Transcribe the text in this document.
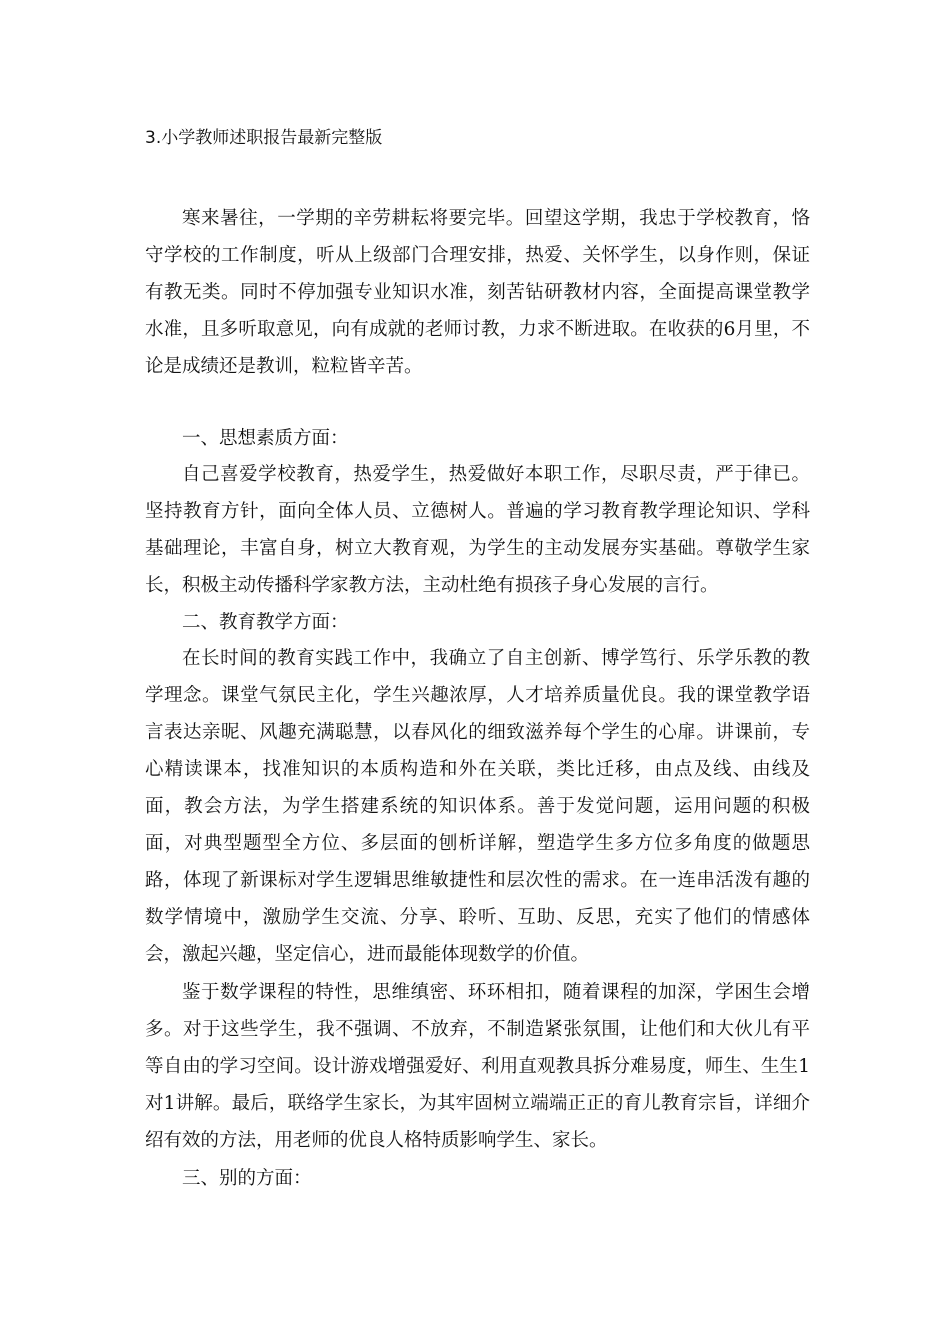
3.小学教师述职报告最新完整版

寒来暑往，一学期的辛劳耕耘将要完毕。回望这学期，我忠于学校教育，恪守学校的工作制度，听从上级部门合理安排，热爱、关怀学生，以身作则，保证有教无类。同时不停加强专业知识水准，刻苦钻研教材内容，全面提高课堂教学水准，且多听取意见，向有成就的老师讨教，力求不断进取。在收获的6月里，不论是成绩还是教训，粒粒皆辛苦。

一、思想素质方面：

自己喜爱学校教育，热爱学生，热爱做好本职工作，尽职尽责，严于律已。坚持教育方针，面向全体人员、立德树人。普遍的学习教育教学理论知识、学科基础理论，丰富自身，树立大教育观，为学生的主动发展夯实基础。尊敬学生家长，积极主动传播科学家教方法，主动杜绝有损孩子身心发展的言行。

二、教育教学方面：

在长时间的教育实践工作中，我确立了自主创新、博学笃行、乐学乐教的教学理念。课堂气氛民主化，学生兴趣浓厚，人才培养质量优良。我的课堂教学语言表达亲昵、风趣充满聪慧，以春风化的细致滋养每个学生的心扉。讲课前，专心精读课本，找准知识的本质构造和外在关联，类比迁移，由点及线、由线及面，教会方法，为学生搭建系统的知识体系。善于发觉问题，运用问题的积极面，对典型题型全方位、多层面的刨析详解，塑造学生多方位多角度的做题思路，体现了新课标对学生逻辑思维敏捷性和层次性的需求。在一连串活泼有趣的数学情境中，激励学生交流、分享、聆听、互助、反思，充实了他们的情感体会，激起兴趣，坚定信心，进而最能体现数学的价值。

鉴于数学课程的特性，思维缜密、环环相扣，随着课程的加深，学困生会增多。对于这些学生，我不强调、不放弃，不制造紧张氛围，让他们和大伙儿有平等自由的学习空间。设计游戏增强爱好、利用直观教具拆分难易度，师生、生生1对1讲解。最后，联络学生家长，为其牢固树立端端正正的育儿教育宗旨，详细介绍有效的方法，用老师的优良人格特质影响学生、家长。

三、别的方面：
